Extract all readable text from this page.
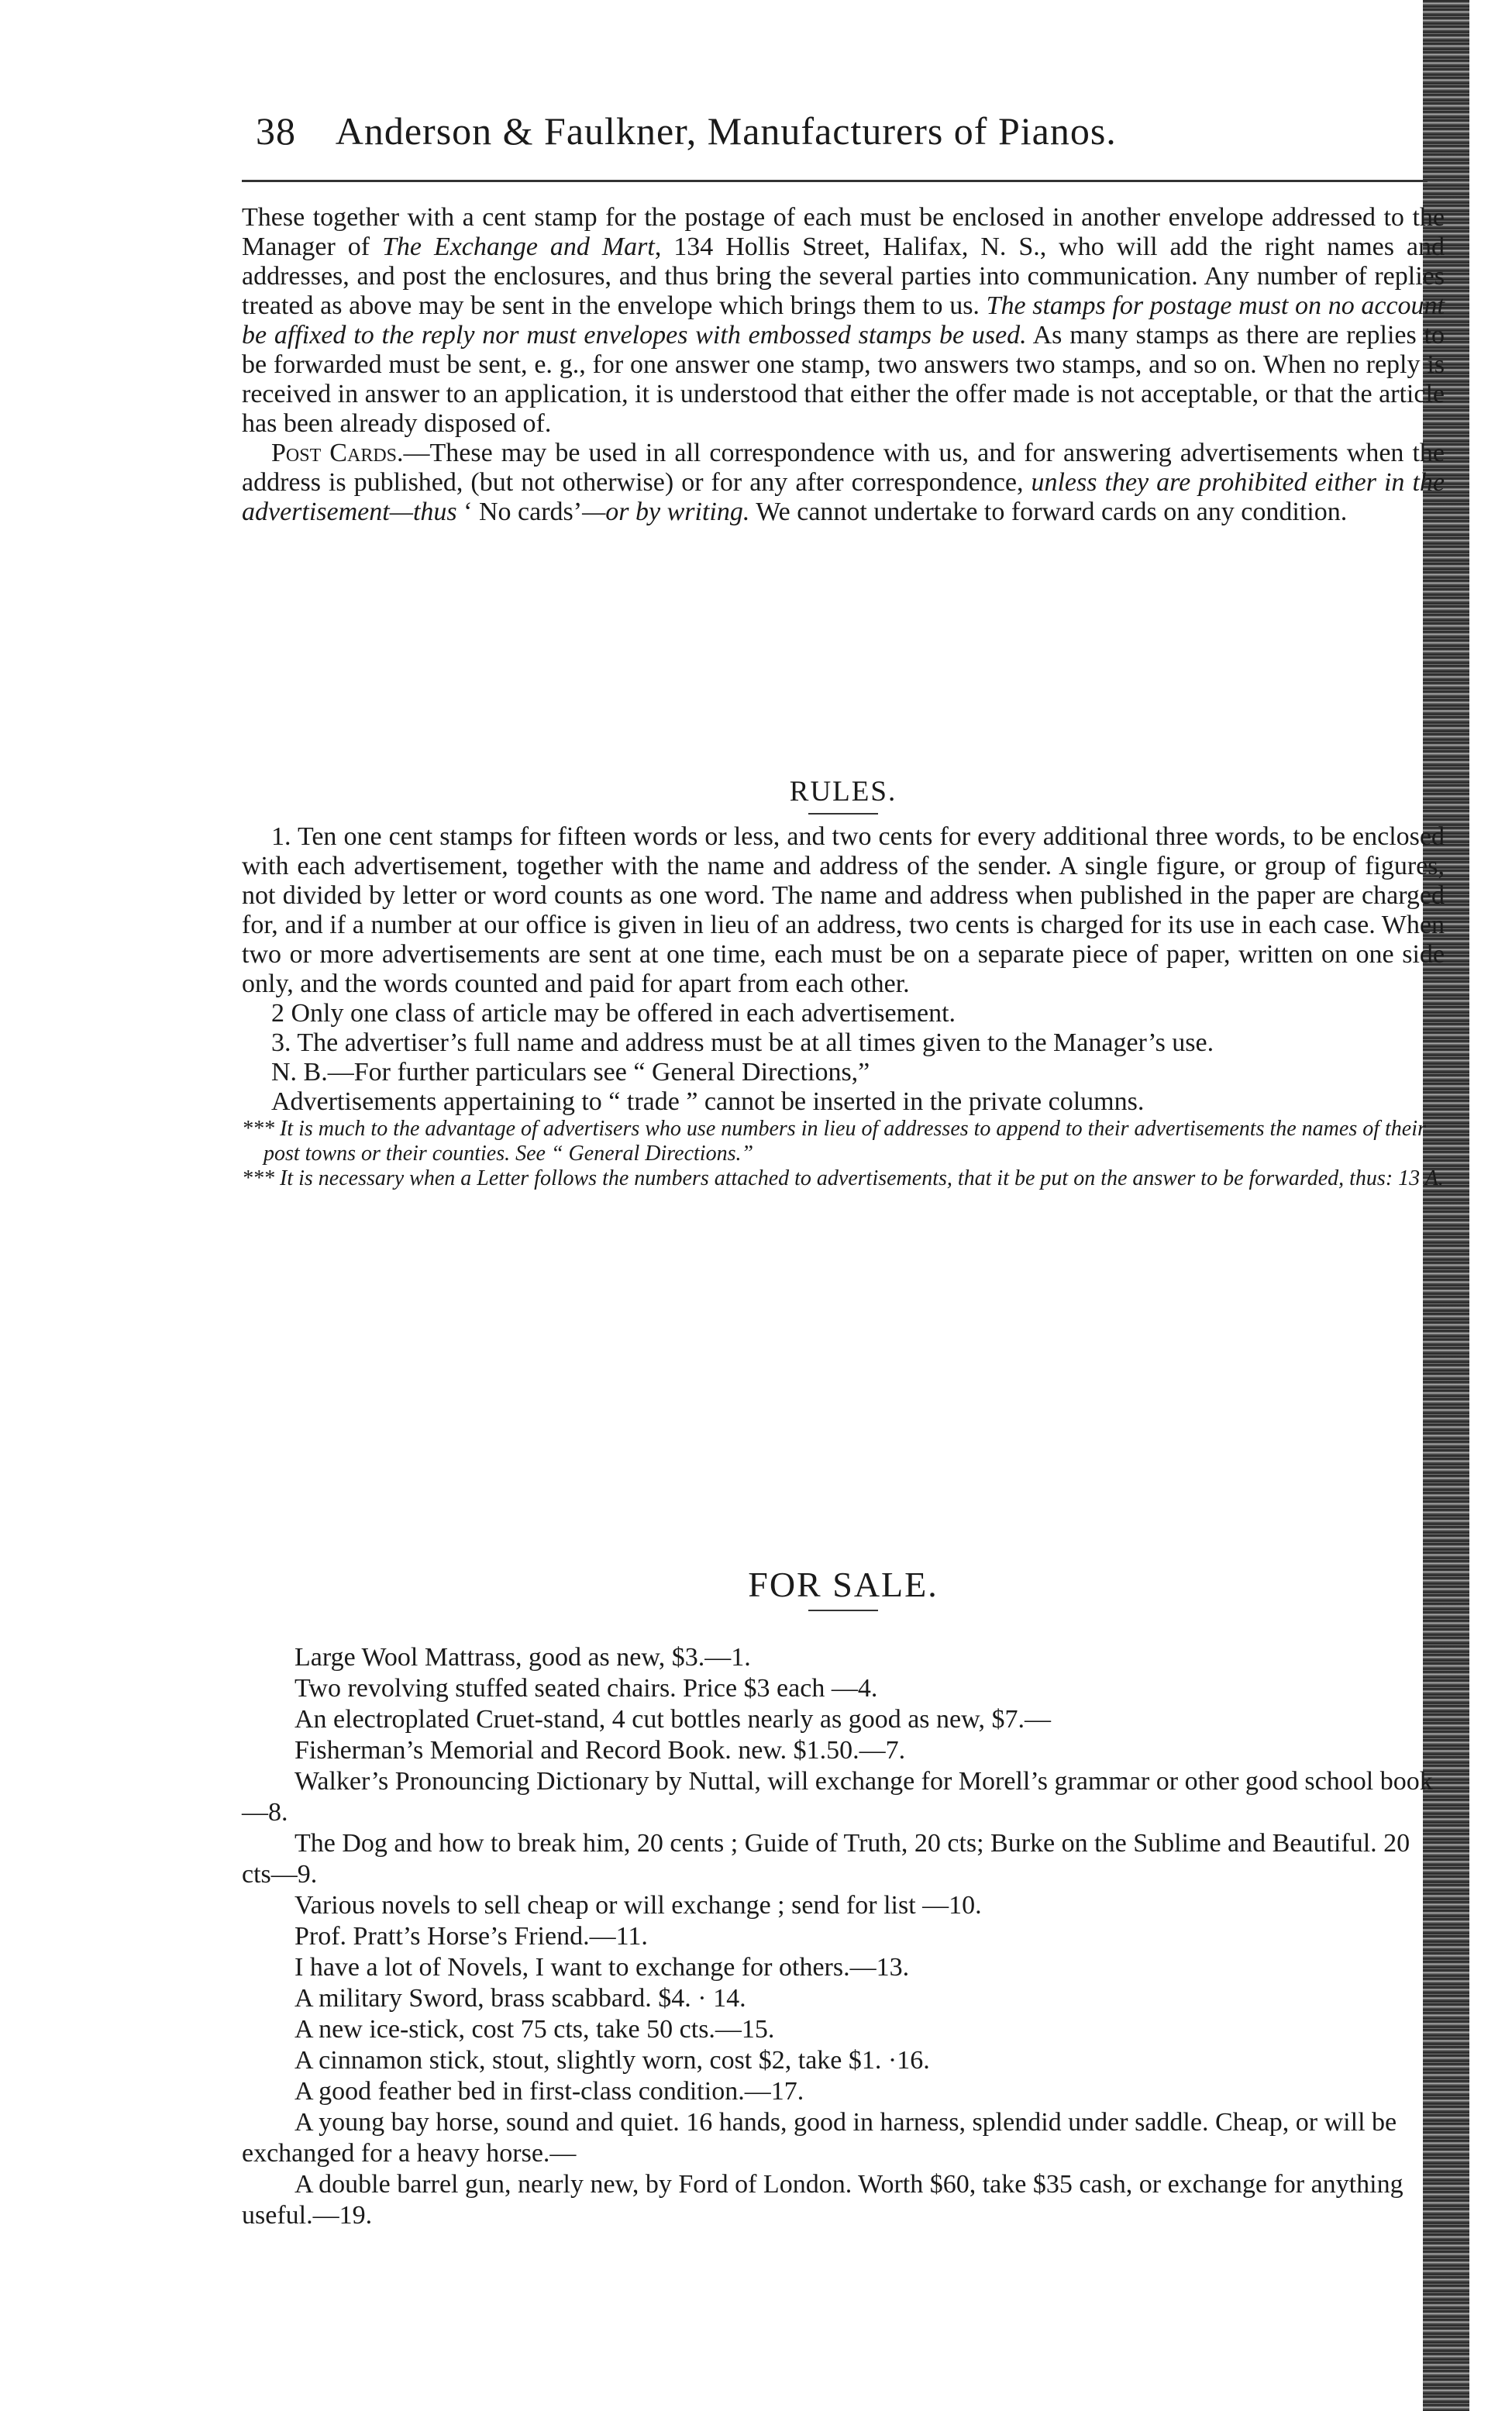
38 Anderson & Faulkner, Manufacturers of Pianos.

These together with a cent stamp for the postage of each must be enclosed in another envelope addressed to the Manager of The Exchange and Mart, 134 Hollis Street, Halifax, N. S., who will add the right names and addresses, and post the enclosures, and thus bring the several parties into communication. Any number of replies treated as above may be sent in the envelope which brings them to us. The stamps for postage must on no account be affixed to the reply nor must envelopes with embossed stamps be used. As many stamps as there are replies to be forwarded must be sent, e. g., for one answer one stamp, two answers two stamps, and so on. When no reply is received in answer to an application, it is understood that either the offer made is not acceptable, or that the article has been already disposed of.

Post Cards.—These may be used in all correspondence with us, and for answering advertisements when the address is published, (but not otherwise) or for any after correspondence, unless they are prohibited either in the advertisement—thus ‘ No cards’—or by writing. We cannot undertake to forward cards on any condition.

RULES.

1. Ten one cent stamps for fifteen words or less, and two cents for every additional three words, to be enclosed with each advertisement, together with the name and address of the sender. A single figure, or group of figures, not divided by letter or word counts as one word. The name and address when published in the paper are charged for, and if a number at our office is given in lieu of an address, two cents is charged for its use in each case. When two or more advertisements are sent at one time, each must be on a separate piece of paper, written on one side only, and the words counted and paid for apart from each other.

2 Only one class of article may be offered in each advertisement.

3. The advertiser’s full name and address must be at all times given to the Manager’s use.

N. B.—For further particulars see “ General Directions,”

Advertisements appertaining to “ trade ” cannot be inserted in the private columns.

*** It is much to the advantage of advertisers who use numbers in lieu of addresses to append to their advertisements the names of their post towns or their counties. See “ General Directions.”

*** It is necessary when a Letter follows the numbers attached to advertisements, that it be put on the answer to be forwarded, thus: 13 A.

FOR SALE.

Large Wool Mattrass, good as new, $3.—1.
Two revolving stuffed seated chairs. Price $3 each —4.
An electroplated Cruet-stand, 4 cut bottles nearly as good as new, $7.—
Fisherman’s Memorial and Record Book. new. $1.50.—7.
Walker’s Pronouncing Dictionary by Nuttal, will exchange for Morell’s grammar or other good school book—8.
The Dog and how to break him, 20 cents ; Guide of Truth, 20 cts; Burke on the Sublime and Beautiful. 20 cts—9.
Various novels to sell cheap or will exchange ; send for list —10.
Prof. Pratt’s Horse’s Friend.—11.
I have a lot of Novels, I want to exchange for others.—13.
A military Sword, brass scabbard. $4. · 14.
A new ice-stick, cost 75 cts, take 50 cts.—15.
A cinnamon stick, stout, slightly worn, cost $2, take $1. ·16.
A good feather bed in first-class condition.—17.
A young bay horse, sound and quiet. 16 hands, good in harness, splendid under saddle. Cheap, or will be exchanged for a heavy horse.—
A double barrel gun, nearly new, by Ford of London. Worth $60, take $35 cash, or exchange for anything useful.—19.
